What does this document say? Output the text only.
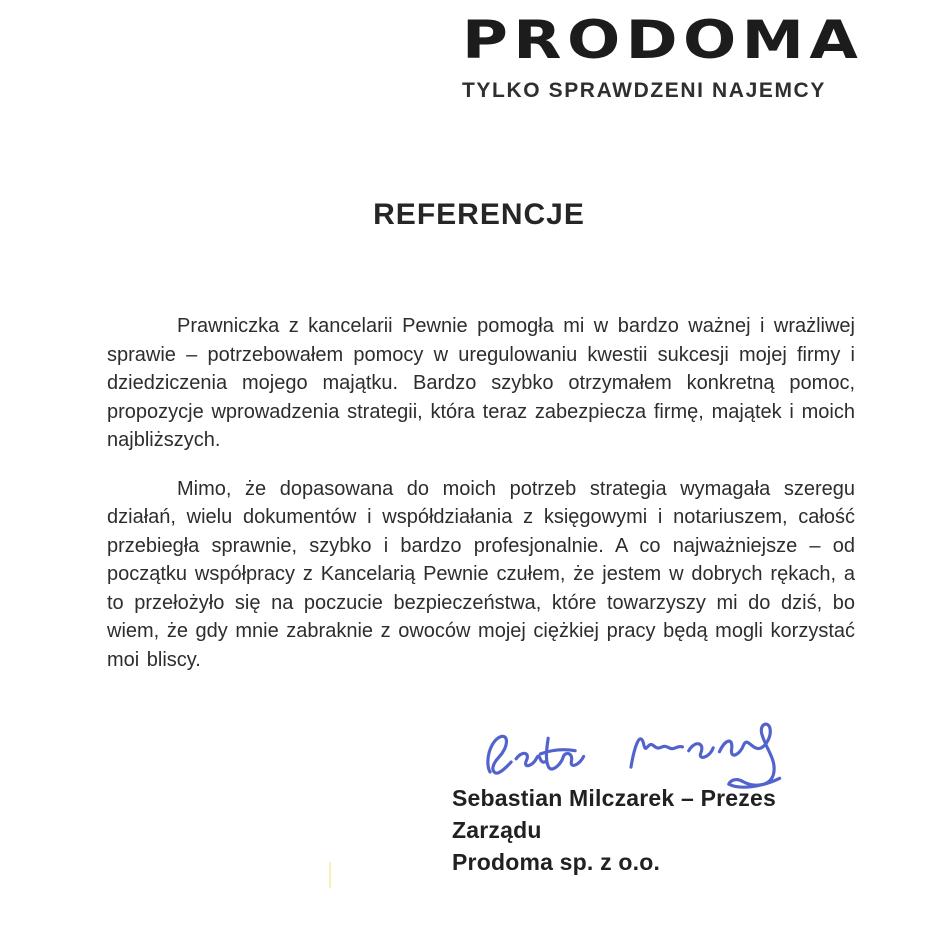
PRODOMA
TYLKO SPRAWDZENI NAJEMCY
REFERENCJE

Prawniczka z kancelarii Pewnie pomogła mi w bardzo ważnej i wrażliwej sprawie – potrzebowałem pomocy w uregulowaniu kwestii sukcesji mojej firmy i dziedziczenia mojego majątku. Bardzo szybko otrzymałem konkretną pomoc, propozycje wprowadzenia strategii, która teraz zabezpiecza firmę, majątek i moich najbliższych.

Mimo, że dopasowana do moich potrzeb strategia wymagała szeregu działań, wielu dokumentów i współdziałania z księgowymi i notariuszem, całość przebiegła sprawnie, szybko i bardzo profesjonalnie. A co najważniejsze – od początku współpracy z Kancelarią Pewnie czułem, że jestem w dobrych rękach, a to przełożyło się na poczucie bezpieczeństwa, które towarzyszy mi do dziś, bo wiem, że gdy mnie zabraknie z owoców mojej ciężkiej pracy będą mogli korzystać moi bliscy.

Sebastian Milczarek – Prezes
Zarządu
Prodoma sp. z o.o.
